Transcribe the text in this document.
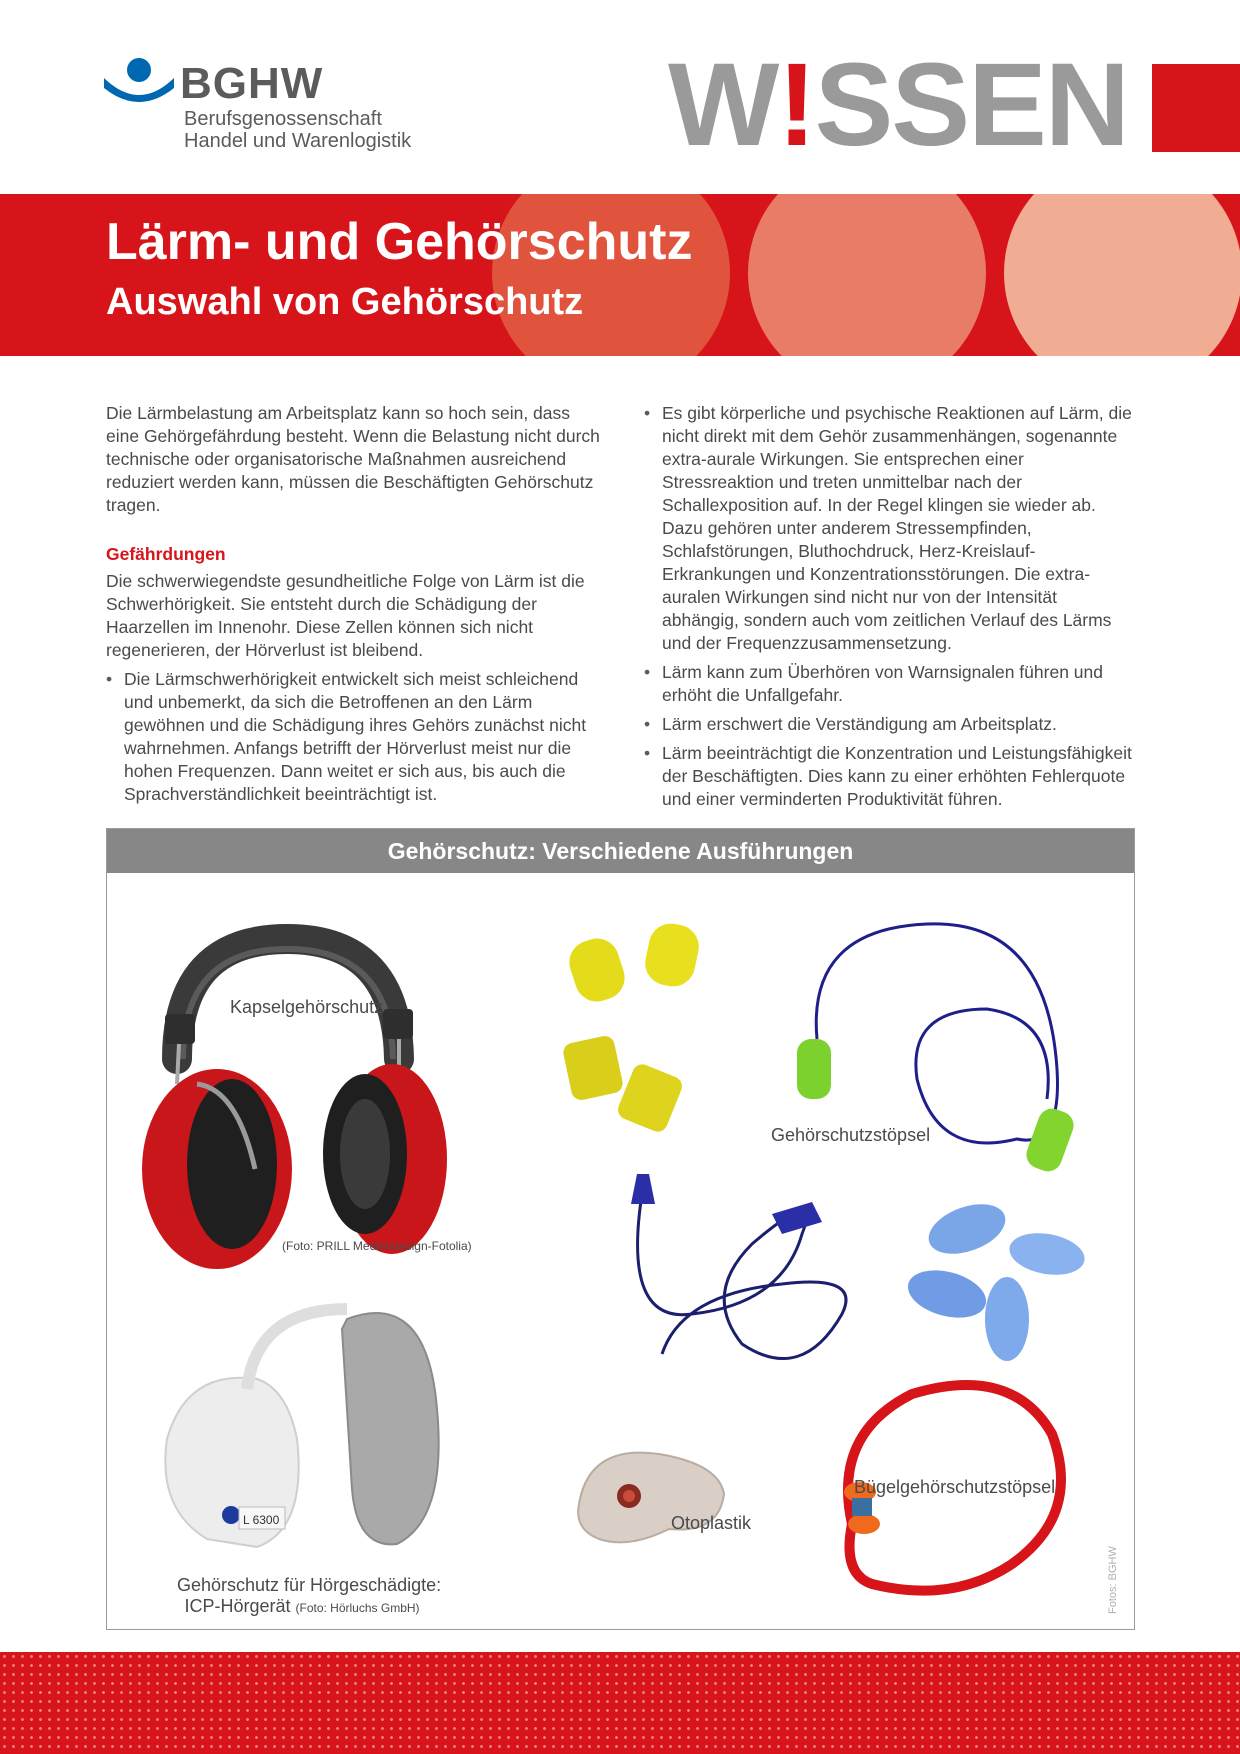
BGHW
Berufsgenossenschaft
Handel und Warenlogistik W!SSEN
Lärm- und Gehörschutz
Auswahl von Gehörschutz

Die Lärmbelastung am Arbeitsplatz kann so hoch sein, dass eine Gehörgefährdung besteht. Wenn die Belastung nicht durch technische oder organisatorische Maßnahmen ausreichend reduziert werden kann, müssen die Beschäftigten Gehörschutz tragen.

Gefährdungen

Die schwerwiegendste gesundheitliche Folge von Lärm ist die Schwerhörigkeit. Sie entsteht durch die Schädigung der Haarzellen im Innenohr. Diese Zellen können sich nicht regenerieren, der Hörverlust ist bleibend.

• Die Lärmschwerhörigkeit entwickelt sich meist schleichend und unbemerkt, da sich die Betroffenen an den Lärm gewöhnen und die Schädigung ihres Gehörs zunächst nicht wahrnehmen. Anfangs betrifft der Hörverlust meist nur die hohen Frequenzen. Dann weitet er sich aus, bis auch die Sprachverständlichkeit beeinträchtigt ist.
• Es gibt körperliche und psychische Reaktionen auf Lärm, die nicht direkt mit dem Gehör zusammenhängen, sogenannte extra-aurale Wirkungen. Sie entsprechen einer Stressreaktion und treten unmittelbar nach der Schallexposition auf. In der Regel klingen sie wieder ab. Dazu gehören unter anderem Stressempfinden, Schlafstörungen, Bluthochdruck, Herz-Kreislauf-Erkrankungen und Konzentrationsstörungen. Die extra-auralen Wirkungen sind nicht nur von der Intensität abhängig, sondern auch vom zeitlichen Verlauf des Lärms und der Frequenzzusammensetzung.
• Lärm kann zum Überhören von Warnsignalen führen und erhöht die Unfallgefahr.
• Lärm erschwert die Verständigung am Arbeitsplatz.
• Lärm beeinträchtigt die Konzentration und Leistungsfähigkeit der Beschäftigten. Dies kann zu einer erhöhten Fehlerquote und einer verminderten Produktivität führen.
Gehörschutz: Verschiedene Ausführungen
Kapselgehörschutz
(Foto: PRILL Mediendesign-Fotolia)
Gehörschutzstöpsel
L 6300
Gehörschutz für Hörgeschädigte:
ICP-Hörgerät (Foto: Hörluchs GmbH)
Otoplastik
Bügelgehörschutzstöpsel
Fotos: BGHW
